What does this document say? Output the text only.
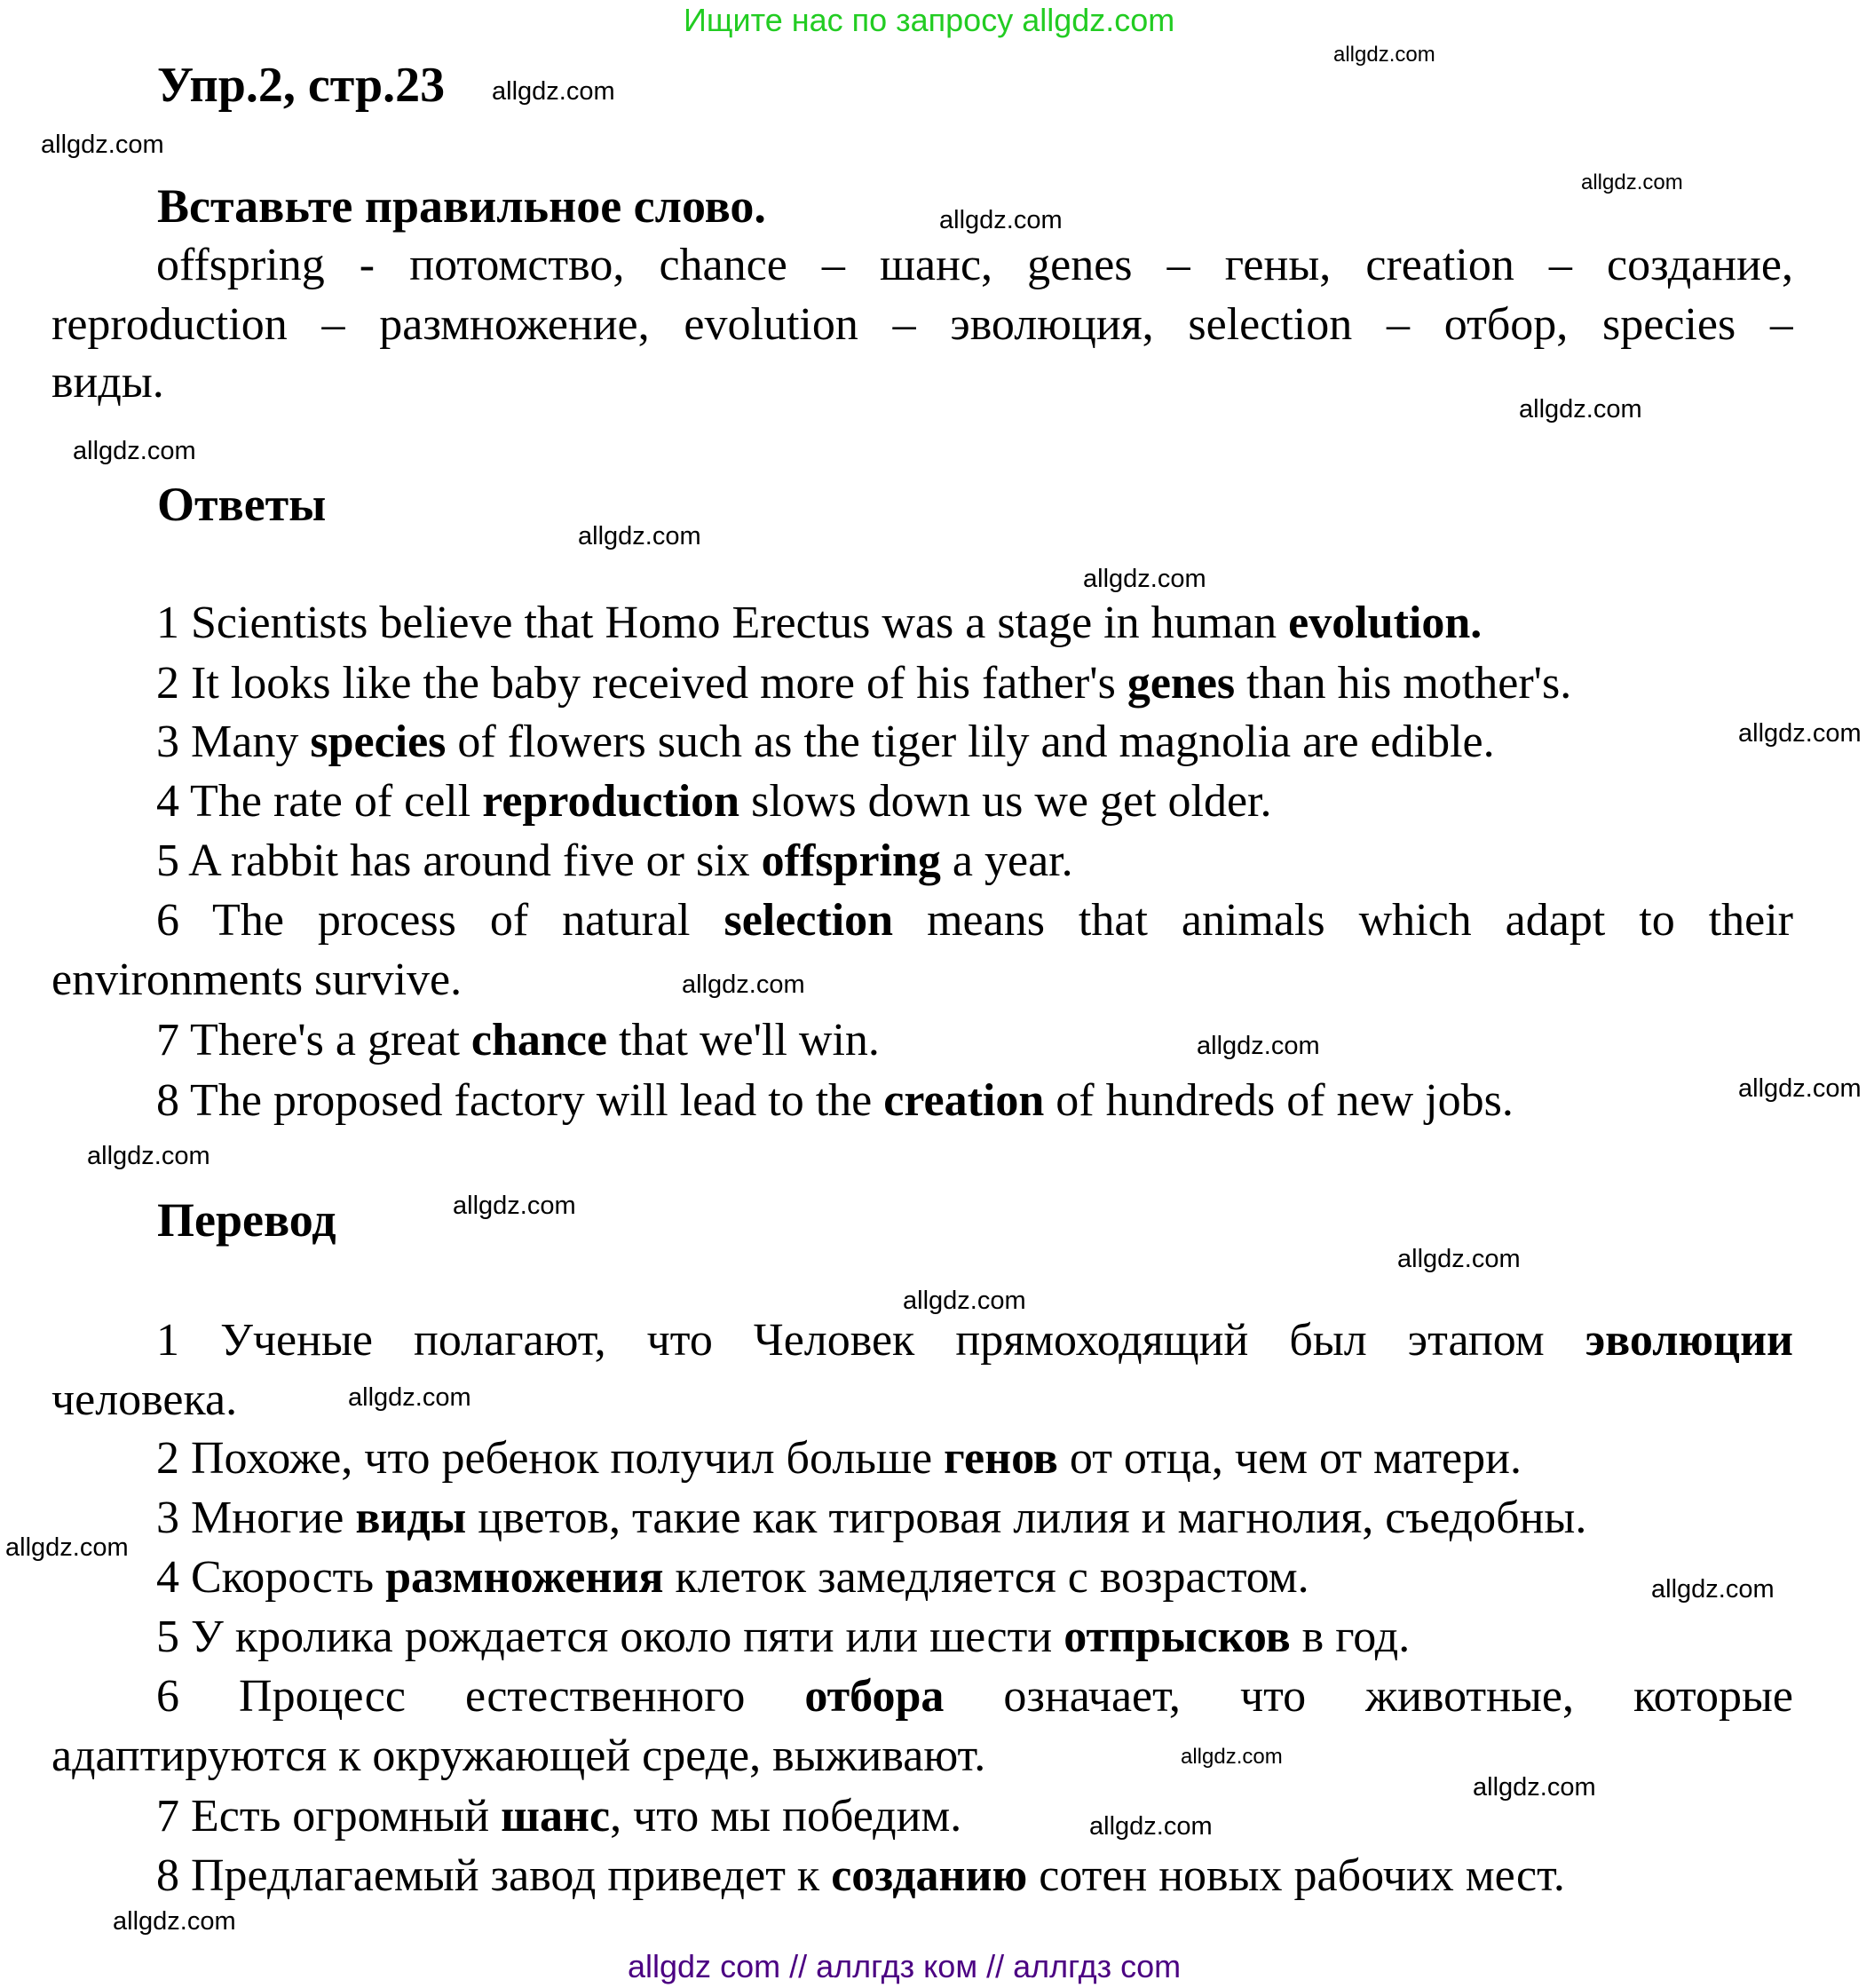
Ищите нас по запросу allgdz.com
Упр.2, стр.23
Вставьте правильное слово.
offspring - потомство, chance – шанс, genes – гены, creation – создание,
reproduction – размножение, evolution – эволюция, selection – отбор, species –
виды.
Ответы
1 Scientists believe that Homo Erectus was a stage in human evolution.
2 It looks like the baby received more of his father's genes than his mother's.
3 Many species of flowers such as the tiger lily and magnolia are edible.
4 The rate of cell reproduction slows down us we get older.
5 A rabbit has around five or six offspring a year.
6 The process of natural selection means that animals which adapt to their
environments survive.
7 There's a great chance that we'll win.
8 The proposed factory will lead to the creation of hundreds of new jobs.
Перевод
1 Ученые полагают, что Человек прямоходящий был этапом эволюции
человека.
2 Похоже, что ребенок получил больше генов от отца, чем от матери.
3 Многие виды цветов, такие как тигровая лилия и магнолия, съедобны.
4 Скорость размножения клеток замедляется с возрастом.
5 У кролика рождается около пяти или шести отпрысков в год.
6 Процесс естественного отбора означает, что животные, которые
адаптируются к окружающей среде, выживают.
7 Есть огромный шанс, что мы победим.
8 Предлагаемый завод приведет к созданию сотен новых рабочих мест.
allgdz.com
allgdz.com
allgdz.com
allgdz.com
allgdz.com
allgdz.com
allgdz.com
allgdz.com
allgdz.com
allgdz.com
allgdz.com
allgdz.com
allgdz.com
allgdz.com
allgdz.com
allgdz.com
allgdz.com
allgdz.com
allgdz.com
allgdz.com
allgdz.com
allgdz.com
allgdz.com
allgdz.com
allgdz com // аллгдз ком // аллгдз com
